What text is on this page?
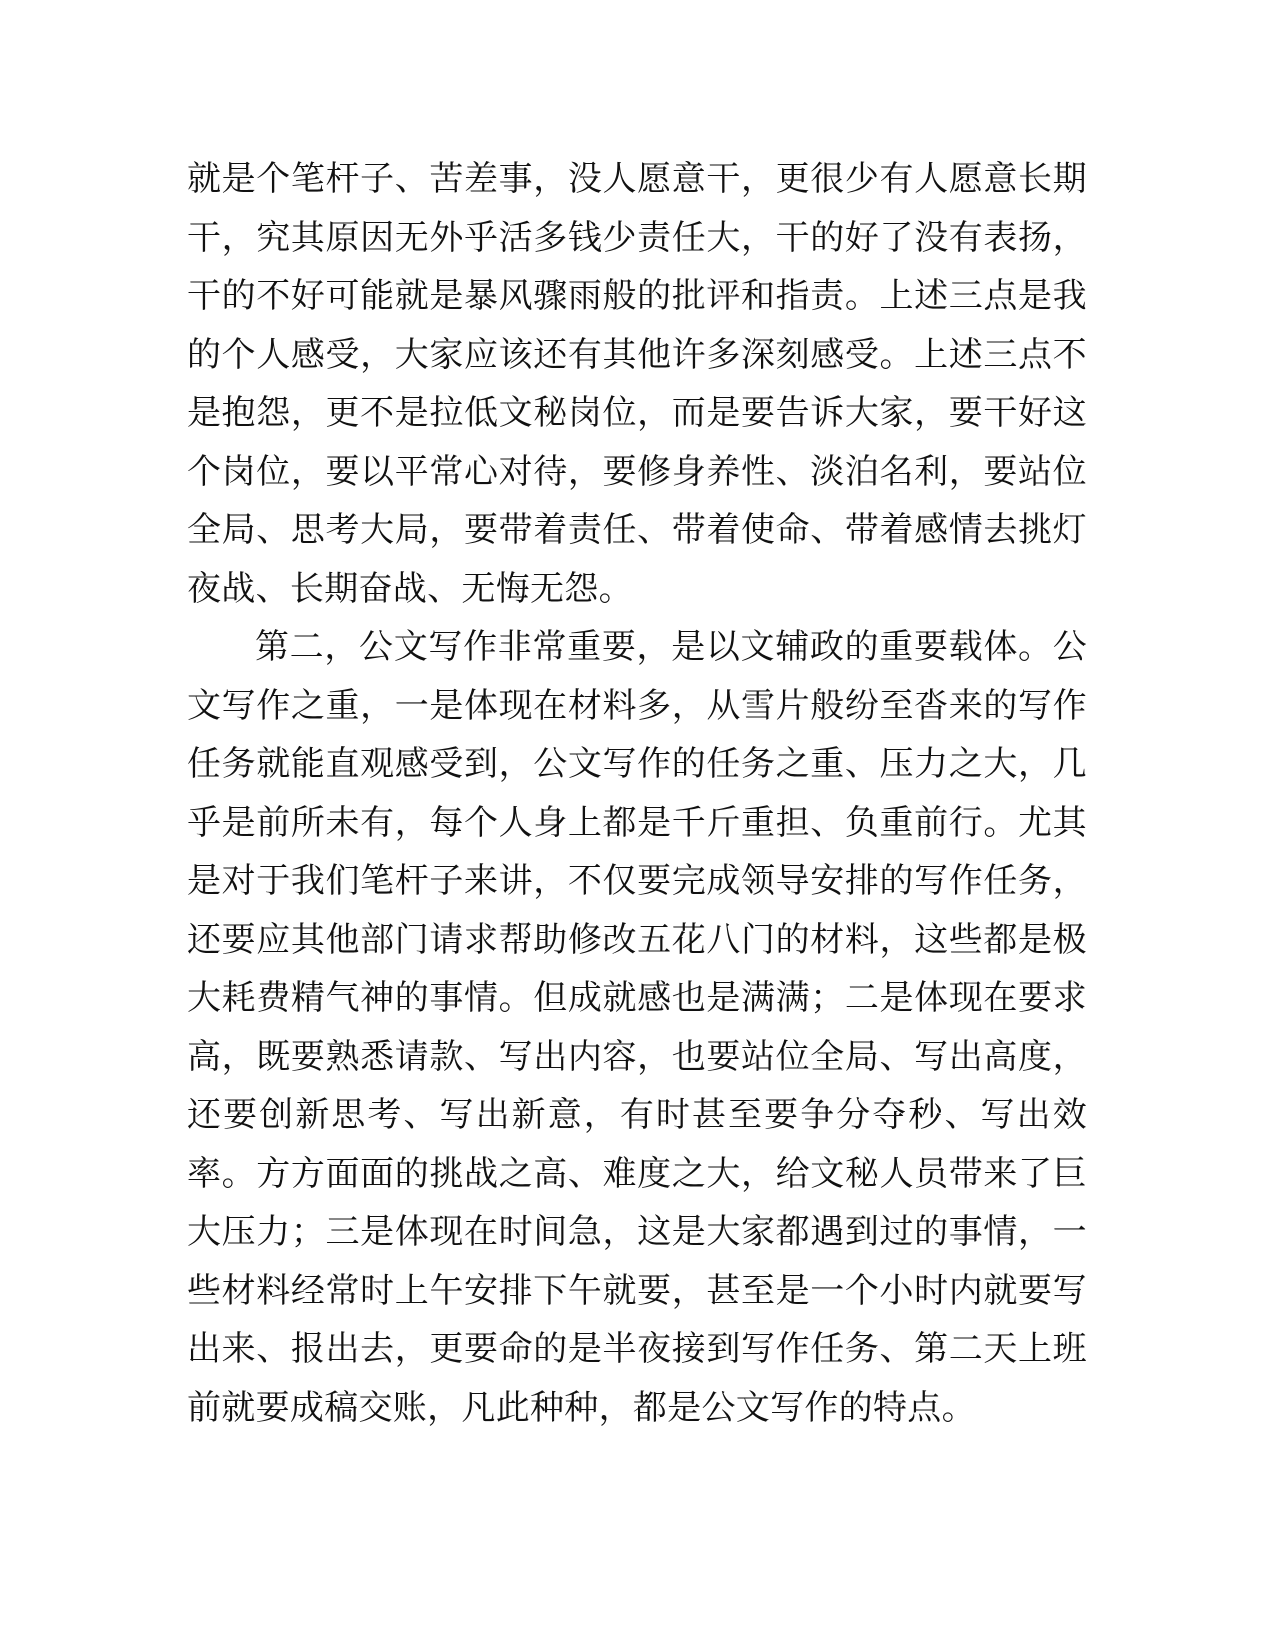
就是个笔杆子、苦差事，没人愿意干，更很少有人愿意长期干，究其原因无外乎活多钱少责任大，干的好了没有表扬，干的不好可能就是暴风骤雨般的批评和指责。上述三点是我的个人感受，大家应该还有其他许多深刻感受。上述三点不是抱怨，更不是拉低文秘岗位，而是要告诉大家，要干好这个岗位，要以平常心对待，要修身养性、淡泊名利，要站位全局、思考大局，要带着责任、带着使命、带着感情去挑灯夜战、长期奋战、无悔无怨。

第二，公文写作非常重要，是以文辅政的重要载体。公文写作之重，一是体现在材料多，从雪片般纷至沓来的写作任务就能直观感受到，公文写作的任务之重、压力之大，几乎是前所未有，每个人身上都是千斤重担、负重前行。尤其是对于我们笔杆子来讲，不仅要完成领导安排的写作任务，还要应其他部门请求帮助修改五花八门的材料，这些都是极大耗费精气神的事情。但成就感也是满满；二是体现在要求高，既要熟悉请款、写出内容，也要站位全局、写出高度，还要创新思考、写出新意，有时甚至要争分夺秒、写出效率。方方面面的挑战之高、难度之大，给文秘人员带来了巨大压力；三是体现在时间急，这是大家都遇到过的事情，一些材料经常时上午安排下午就要，甚至是一个小时内就要写出来、报出去，更要命的是半夜接到写作任务、第二天上班前就要成稿交账，凡此种种，都是公文写作的特点。
